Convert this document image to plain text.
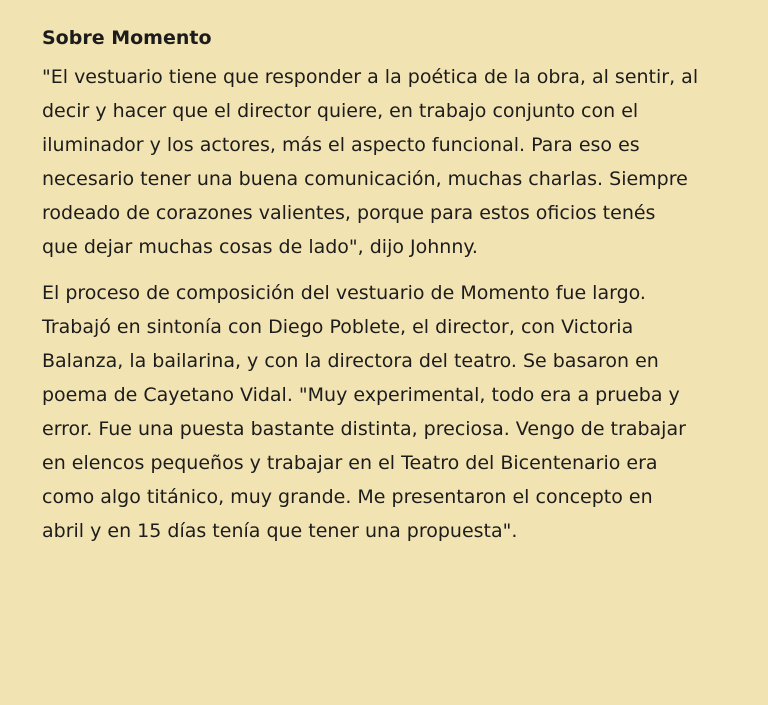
Sobre Momento

"El vestuario tiene que responder a la poética de la obra, al sentir, al
decir y hacer que el director quiere, en trabajo conjunto con el
iluminador y los actores, más el aspecto funcional. Para eso es
necesario tener una buena comunicación, muchas charlas. Siempre
rodeado de corazones valientes, porque para estos oficios tenés
que dejar muchas cosas de lado", dijo Johnny.

El proceso de composición del vestuario de Momento fue largo.
Trabajó en sintonía con Diego Poblete, el director, con Victoria
Balanza, la bailarina, y con la directora del teatro. Se basaron en
poema de Cayetano Vidal. "Muy experimental, todo era a prueba y
error. Fue una puesta bastante distinta, preciosa. Vengo de trabajar
en elencos pequeños y trabajar en el Teatro del Bicentenario era
como algo titánico, muy grande. Me presentaron el concepto en
abril y en 15 días tenía que tener una propuesta".
